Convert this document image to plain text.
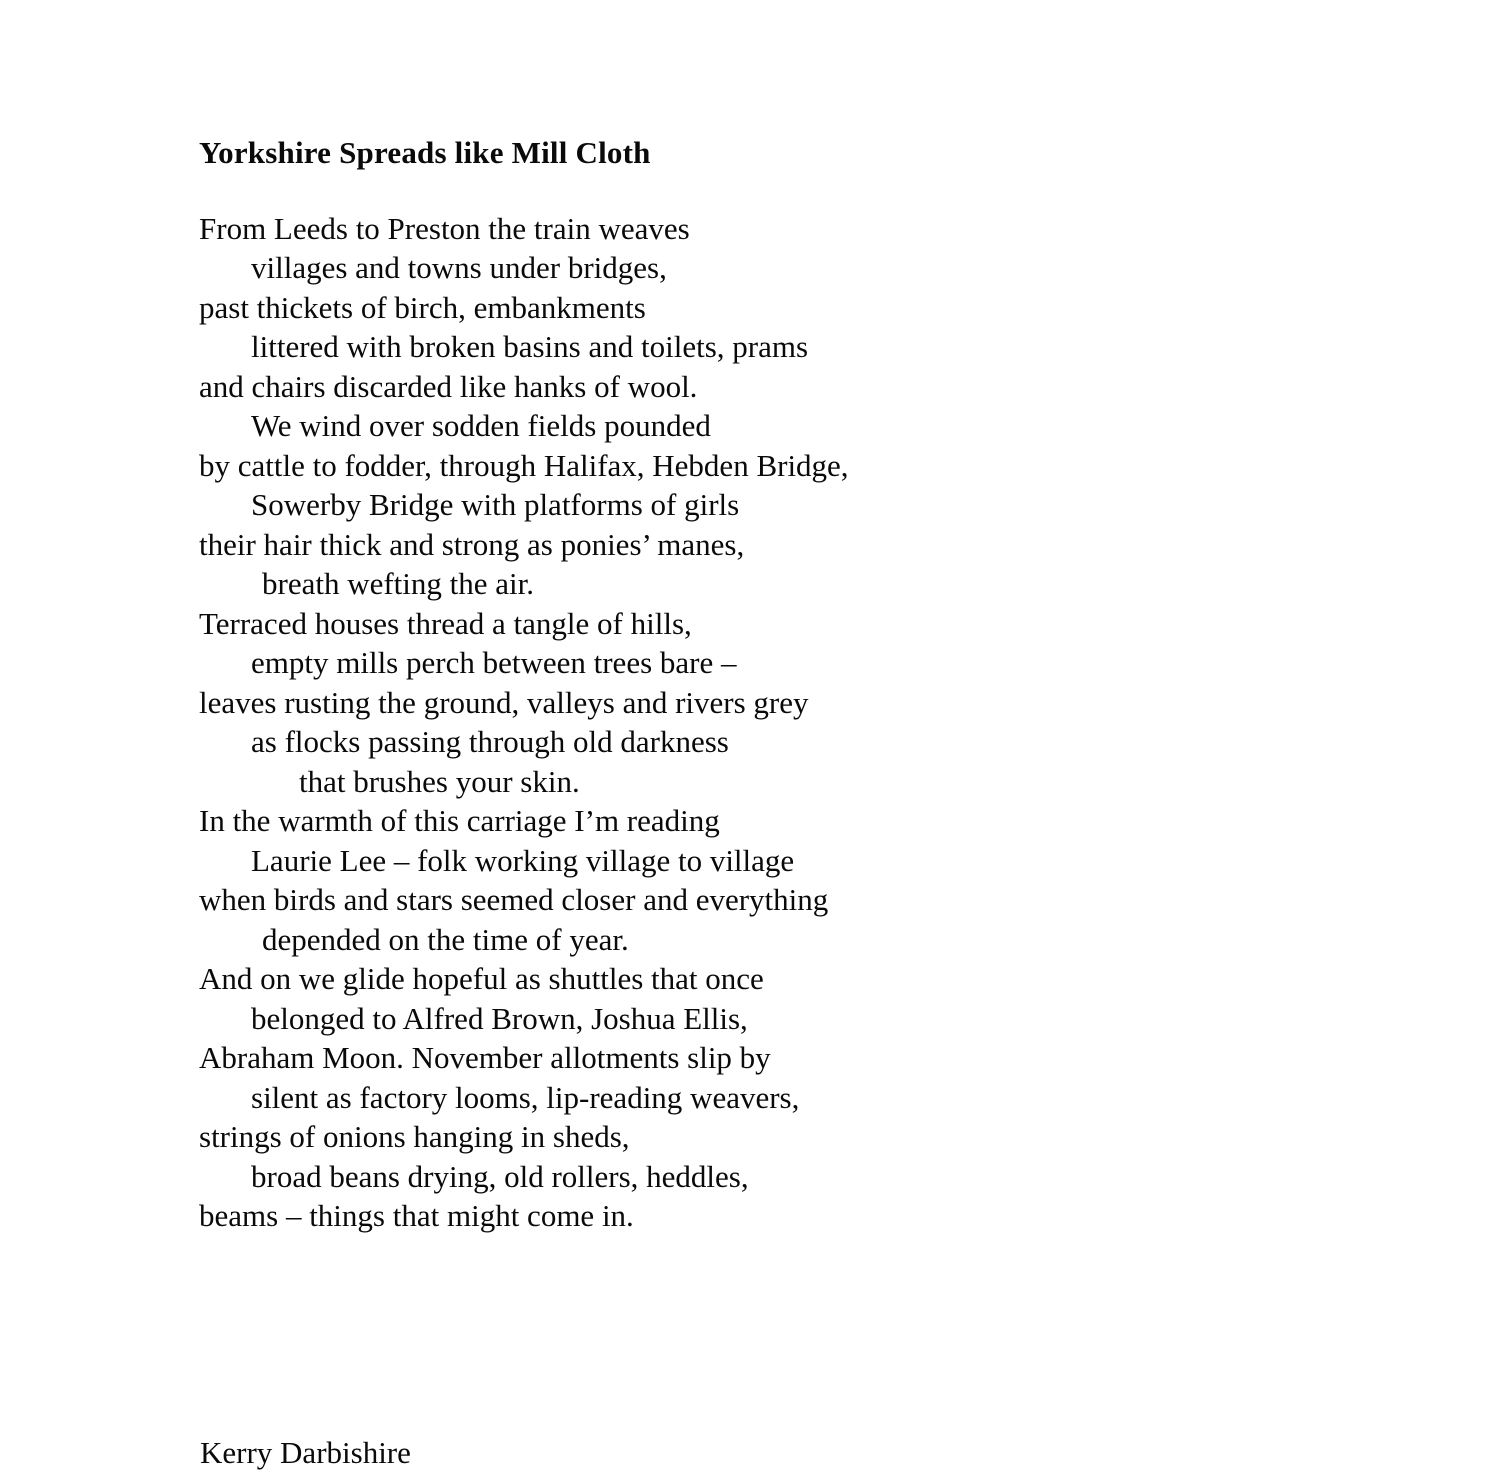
Yorkshire Spreads like Mill Cloth
From Leeds to Preston the train weaves
villages and towns under bridges,
past thickets of birch, embankments
littered with broken basins and toilets, prams
and chairs discarded like hanks of wool.
We wind over sodden fields pounded
by cattle to fodder, through Halifax, Hebden Bridge,
Sowerby Bridge with platforms of girls
their hair thick and strong as ponies’ manes,
breath wefting the air.
Terraced houses thread a tangle of hills,
empty mills perch between trees bare –
leaves rusting the ground, valleys and rivers grey
as flocks passing through old darkness
that brushes your skin.
In the warmth of this carriage I’m reading
Laurie Lee – folk working village to village
when birds and stars seemed closer and everything
depended on the time of year.
And on we glide hopeful as shuttles that once
belonged to Alfred Brown, Joshua Ellis,
Abraham Moon. November allotments slip by
silent as factory looms, lip-reading weavers,
strings of onions hanging in sheds,
broad beans drying, old rollers, heddles,
beams – things that might come in.
Kerry Darbishire
